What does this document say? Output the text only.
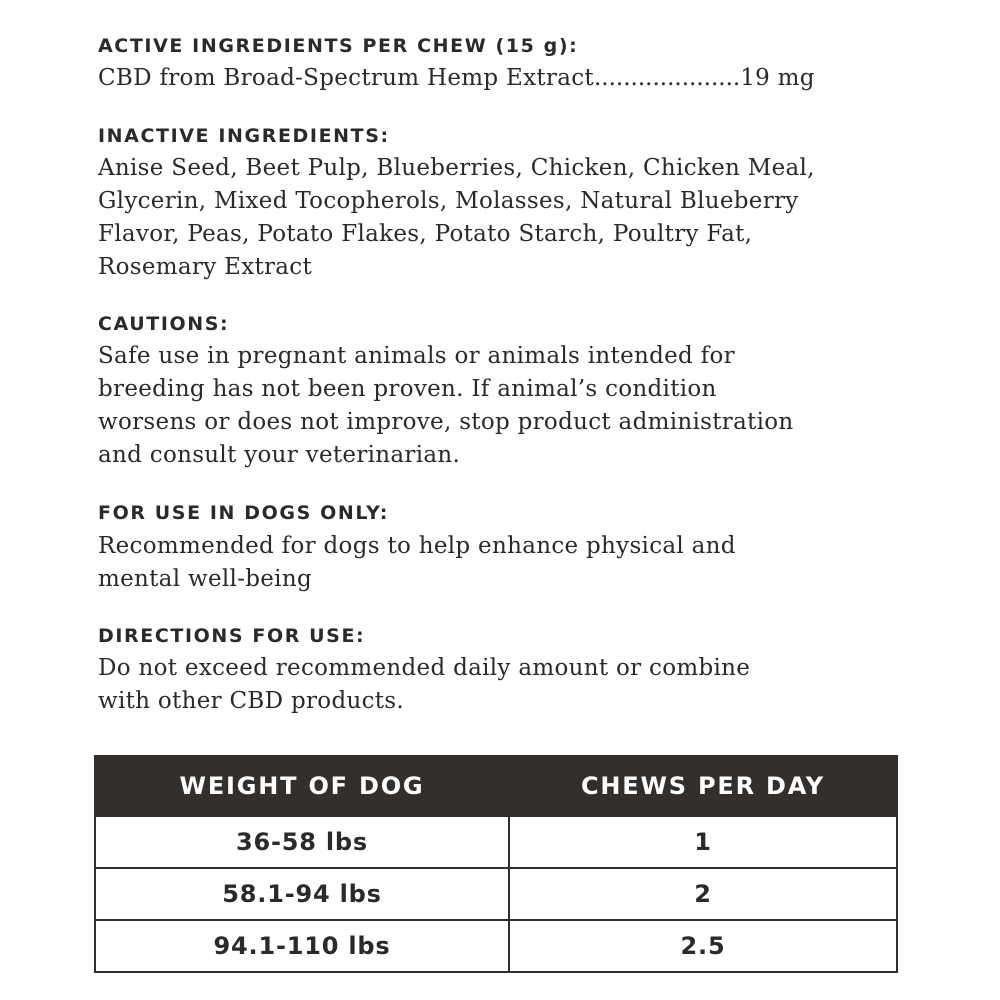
ACTIVE INGREDIENTS PER CHEW (15 g):
CBD from Broad-Spectrum Hemp Extract....................19 mg
INACTIVE INGREDIENTS:
Anise Seed, Beet Pulp, Blueberries, Chicken, Chicken Meal,
Glycerin, Mixed Tocopherols, Molasses, Natural Blueberry
Flavor, Peas, Potato Flakes, Potato Starch, Poultry Fat,
Rosemary Extract
CAUTIONS:
Safe use in pregnant animals or animals intended for
breeding has not been proven. If animal’s condition
worsens or does not improve, stop product administration
and consult your veterinarian.
FOR USE IN DOGS ONLY:
Recommended for dogs to help enhance physical and
mental well-being
DIRECTIONS FOR USE:
Do not exceed recommended daily amount or combine
with other CBD products.
WEIGHT OF DOG	CHEWS PER DAY
36-58 lbs	1
58.1-94 lbs	2
94.1-110 lbs	2.5
